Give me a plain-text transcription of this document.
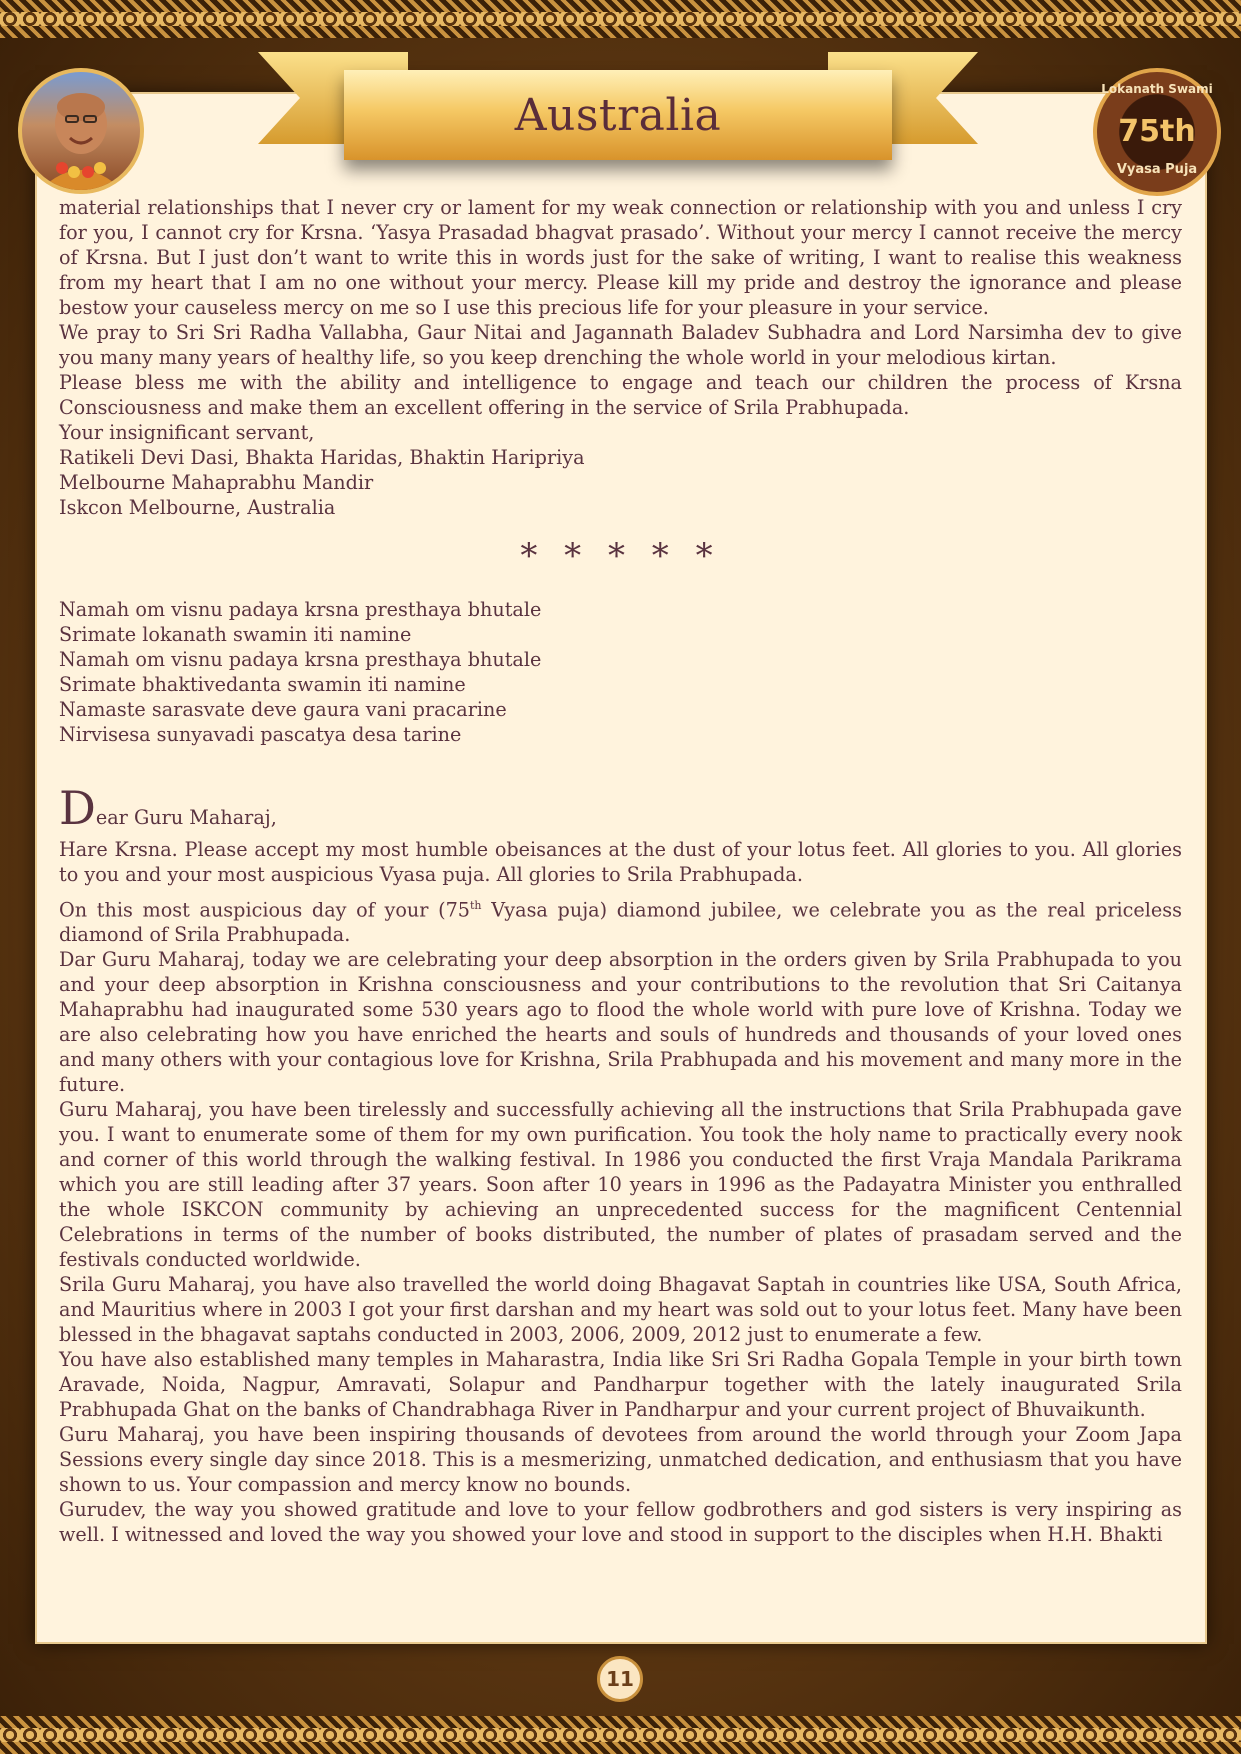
Australia
Lokanath Swami
75th
Vyasa Puja

material relationships that I never cry or lament for my weak connection or relationship with you and unless I cry for you, I cannot cry for Krsna. ‘Yasya Prasadad bhagvat prasado’. Without your mercy I cannot receive the mercy of Krsna. But I just don’t want to write this in words just for the sake of writing, I want to realise this weakness from my heart that I am no one without your mercy. Please kill my pride and destroy the ignorance and please bestow your causeless mercy on me so I use this precious life for your pleasure in your service.

We pray to Sri Sri Radha Vallabha, Gaur Nitai and Jagannath Baladev Subhadra and Lord Narsimha dev to give you many many years of healthy life, so you keep drenching the whole world in your melodious kirtan.

Please bless me with the ability and intelligence to engage and teach our children the process of Krsna Consciousness and make them an excellent offering in the service of Srila Prabhupada.

Your insignificant servant,

Ratikeli Devi Dasi, Bhakta Haridas, Bhaktin Haripriya

Melbourne Mahaprabhu Mandir

Iskcon Melbourne, Australia

* * * * *

Namah om visnu padaya krsna presthaya bhutale

Srimate lokanath swamin iti namine

Namah om visnu padaya krsna presthaya bhutale

Srimate bhaktivedanta swamin iti namine

Namaste sarasvate deve gaura vani pracarine

Nirvisesa sunyavadi pascatya desa tarine

Dear Guru Maharaj,

Hare Krsna. Please accept my most humble obeisances at the dust of your lotus feet. All glories to you. All glories to you and your most auspicious Vyasa puja. All glories to Srila Prabhupada.

On this most auspicious day of your (75th Vyasa puja) diamond jubilee, we celebrate you as the real priceless diamond of Srila Prabhupada.

Dar Guru Maharaj, today we are celebrating your deep absorption in the orders given by Srila Prabhupada to you and your deep absorption in Krishna consciousness and your contributions to the revolution that Sri Caitanya Mahaprabhu had inaugurated some 530 years ago to flood the whole world with pure love of Krishna. Today we are also celebrating how you have enriched the hearts and souls of hundreds and thousands of your loved ones and many others with your contagious love for Krishna, Srila Prabhupada and his movement and many more in the future.

Guru Maharaj, you have been tirelessly and successfully achieving all the instructions that Srila Prabhupada gave you. I want to enumerate some of them for my own purification. You took the holy name to practically every nook and corner of this world through the walking festival. In 1986 you conducted the first Vraja Mandala Parikrama which you are still leading after 37 years. Soon after 10 years in 1996 as the Padayatra Minister you enthralled the whole ISKCON community by achieving an unprecedented success for the magnificent Centennial Celebrations in terms of the number of books distributed, the number of plates of prasadam served and the festivals conducted worldwide.

Srila Guru Maharaj, you have also travelled the world doing Bhagavat Saptah in countries like USA, South Africa, and Mauritius where in 2003 I got your first darshan and my heart was sold out to your lotus feet. Many have been blessed in the bhagavat saptahs conducted in 2003, 2006, 2009, 2012 just to enumerate a few.

You have also established many temples in Maharastra, India like Sri Sri Radha Gopala Temple in your birth town Aravade, Noida, Nagpur, Amravati, Solapur and Pandharpur together with the lately inaugurated Srila Prabhupada Ghat on the banks of Chandrabhaga River in Pandharpur and your current project of Bhuvaikunth.

Guru Maharaj, you have been inspiring thousands of devotees from around the world through your Zoom Japa Sessions every single day since 2018. This is a mesmerizing, unmatched dedication, and enthusiasm that you have shown to us. Your compassion and mercy know no bounds.

Gurudev, the way you showed gratitude and love to your fellow godbrothers and god sisters is very inspiring as well. I witnessed and loved the way you showed your love and stood in support to the disciples when H.H. Bhakti

11
